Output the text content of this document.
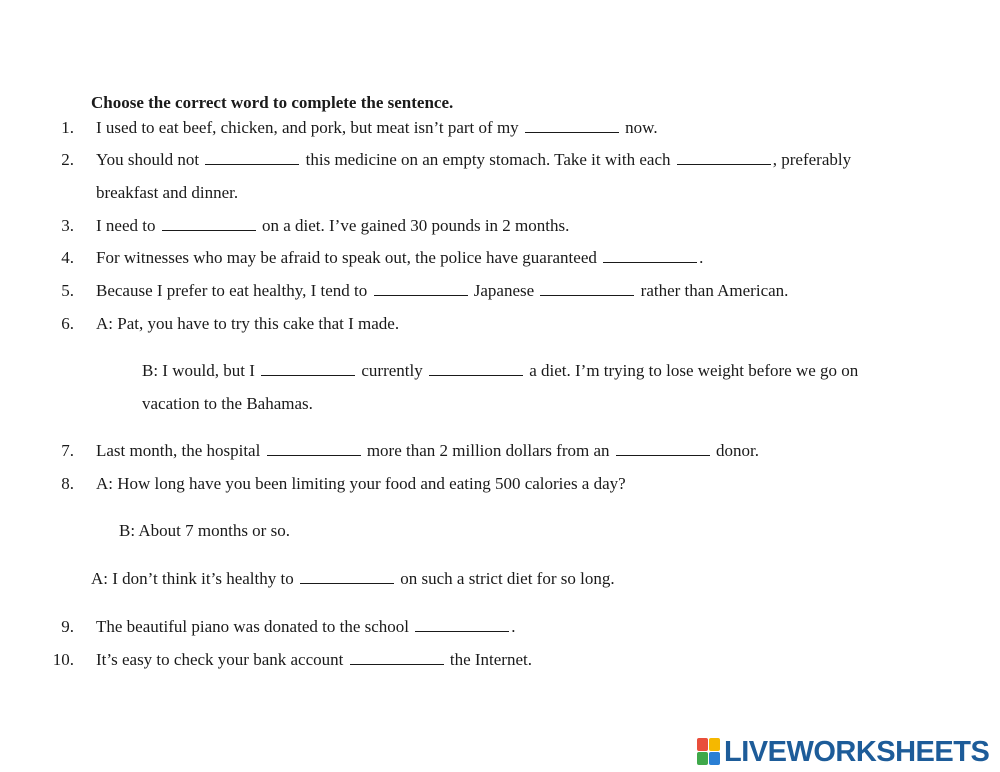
Choose the correct word to complete the sentence.
1. I used to eat beef, chicken, and pork, but meat isn’t part of my	now.
2. You should not	this medicine on an empty stomach. Take it with each	, preferably
breakfast and dinner.
3. I need to	on a diet. I’ve gained 30 pounds in 2 months.
4. For witnesses who may be afraid to speak out, the police have guaranteed	.
5. Because I prefer to eat healthy, I tend to	Japanese	rather than American.
6. A: Pat, you have to try this cake that I made.
B: I would, but I	currently	a diet. I’m trying to lose weight before we go on
vacation to the Bahamas.
7. Last month, the hospital	more than 2 million dollars from an	donor.
8. A: How long have you been limiting your food and eating 500 calories a day?
B: About 7 months or so.
A: I don’t think it’s healthy to	on such a strict diet for so long.
9. The beautiful piano was donated to the school	.
10. It’s easy to check your bank account	the Internet.
LIVEWORKSHEETS
